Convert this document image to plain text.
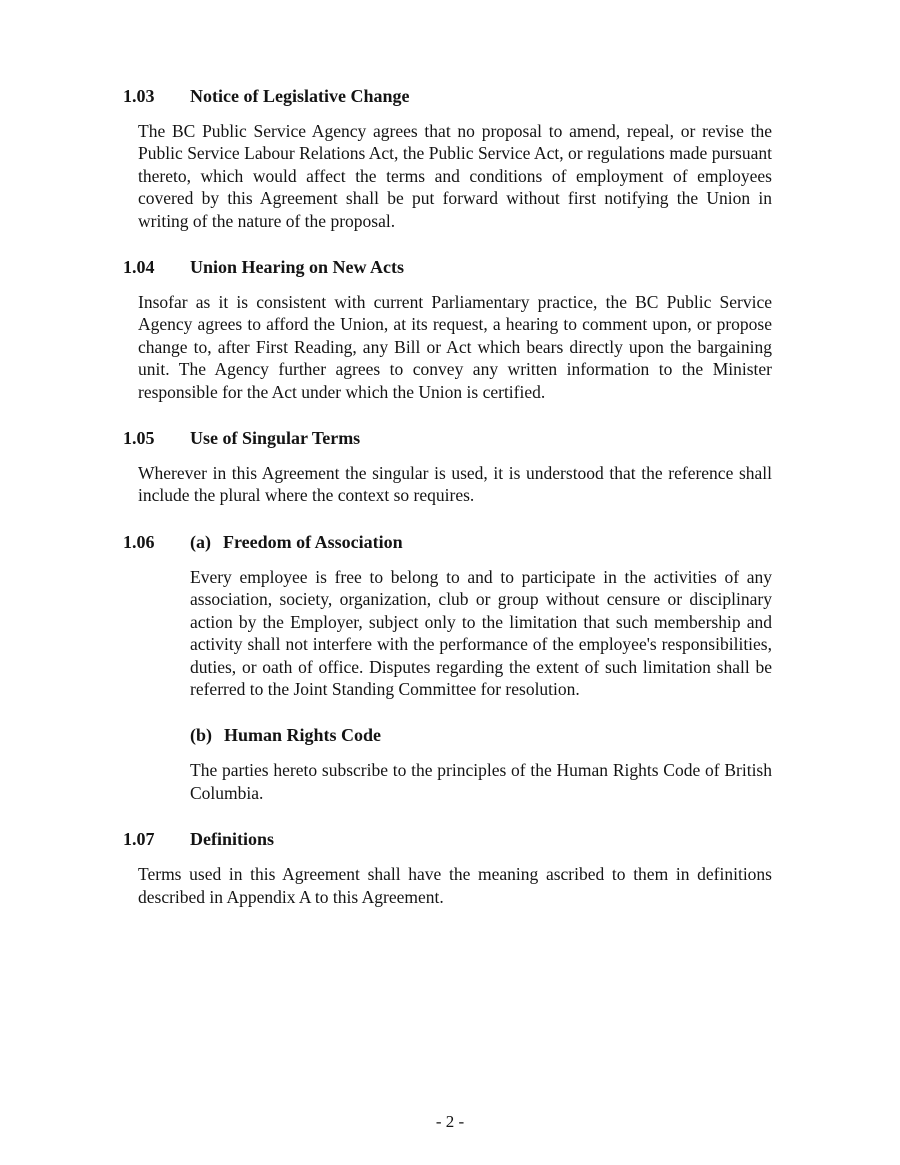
1.03	Notice of Legislative Change

The BC Public Service Agency agrees that no proposal to amend, repeal, or revise the Public Service Labour Relations Act, the Public Service Act, or regulations made pursuant thereto, which would affect the terms and conditions of employment of employees covered by this Agreement shall be put forward without first notifying the Union in writing of the nature of the proposal.

1.04	Union Hearing on New Acts

Insofar as it is consistent with current Parliamentary practice, the BC Public Service Agency agrees to afford the Union, at its request, a hearing to comment upon, or propose change to, after First Reading, any Bill or Act which bears directly upon the bargaining unit. The Agency further agrees to convey any written information to the Minister responsible for the Act under which the Union is certified.

1.05	Use of Singular Terms

Wherever in this Agreement the singular is used, it is understood that the reference shall include the plural where the context so requires.

1.06	(a) Freedom of Association

Every employee is free to belong to and to participate in the activities of any association, society, organization, club or group without censure or disciplinary action by the Employer, subject only to the limitation that such membership and activity shall not interfere with the performance of the employee's responsibilities, duties, or oath of office. Disputes regarding the extent of such limitation shall be referred to the Joint Standing Committee for resolution.

(b) Human Rights Code

The parties hereto subscribe to the principles of the Human Rights Code of British Columbia.

1.07	Definitions

Terms used in this Agreement shall have the meaning ascribed to them in definitions described in Appendix A to this Agreement.

- 2 -
